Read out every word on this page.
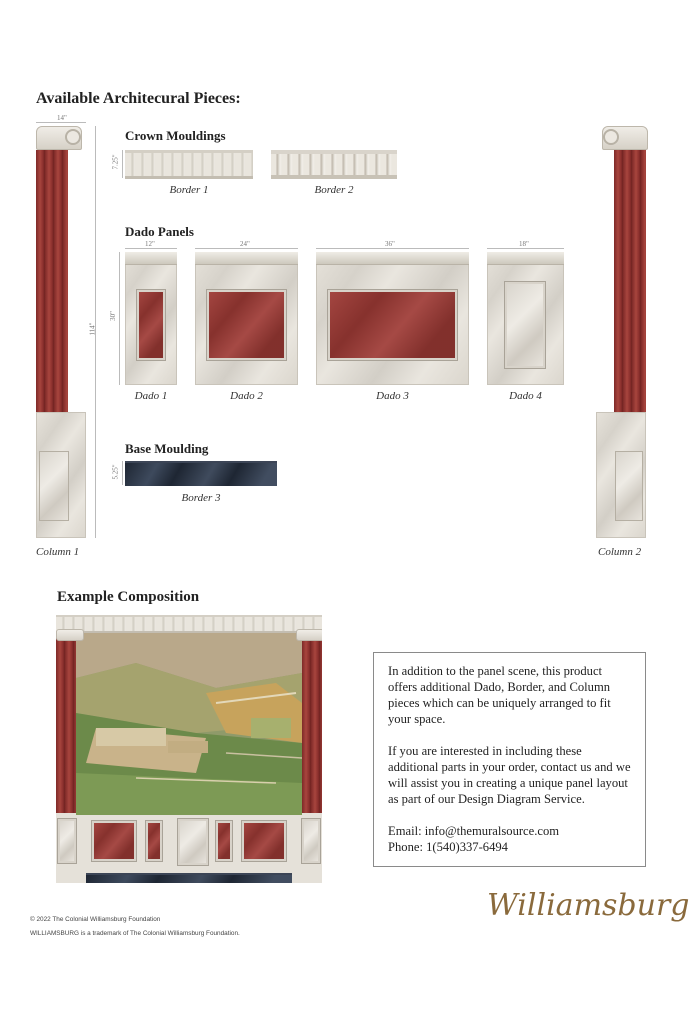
Available Architecural Pieces:
14"
114"
Column 1	Column 2
Crown Mouldings
7.25"
Border 1	Border 2
Dado Panels
30"
12"
Dado 1
24"
Dado 2
36"
Dado 3
18"
Dado 4
Base Moulding
5.25"
Border 3
Example Composition

In addition to the panel scene, this product offers additional Dado, Border, and Column pieces which can be uniquely arranged to fit your space.

If you are interested in including these additional parts in your order, contact us and we will assist you in creating a unique panel layout as part of our Design Diagram Service.

Email: info@themuralsource.com
Phone: 1(540)337-6494
Williamsburg
© 2022 The Colonial Williamsburg Foundation
WILLIAMSBURG is a trademark of The Colonial Williamsburg Foundation.
